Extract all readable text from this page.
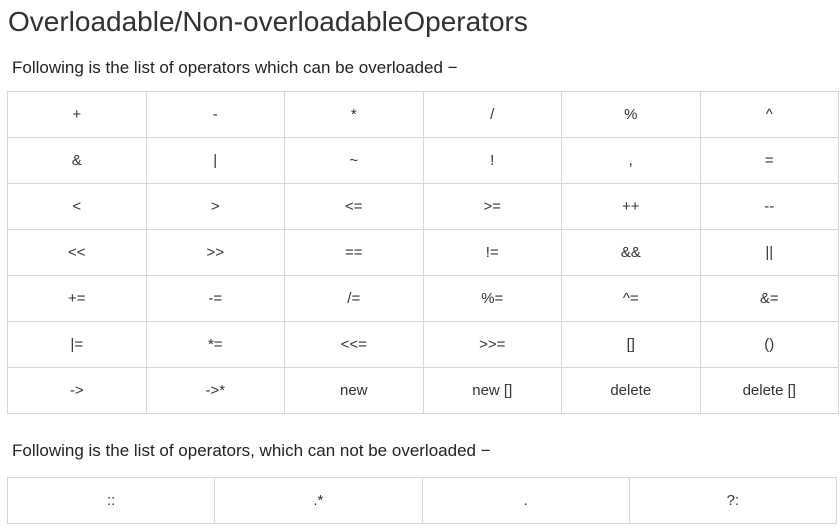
Overloadable/Non-overloadableOperators

Following is the list of operators which can be overloaded −

+	-	*	/	%	^
&	|	~	!	,	=
<	>	<=	>=	++	--
<<	>>	==	!=	&&	||
+=	-=	/=	%=	^=	&=
|=	*=	<<=	>>=	[]	()
->	->*	new	new []	delete	delete []

Following is the list of operators, which can not be overloaded −

::	.*	.	?:
